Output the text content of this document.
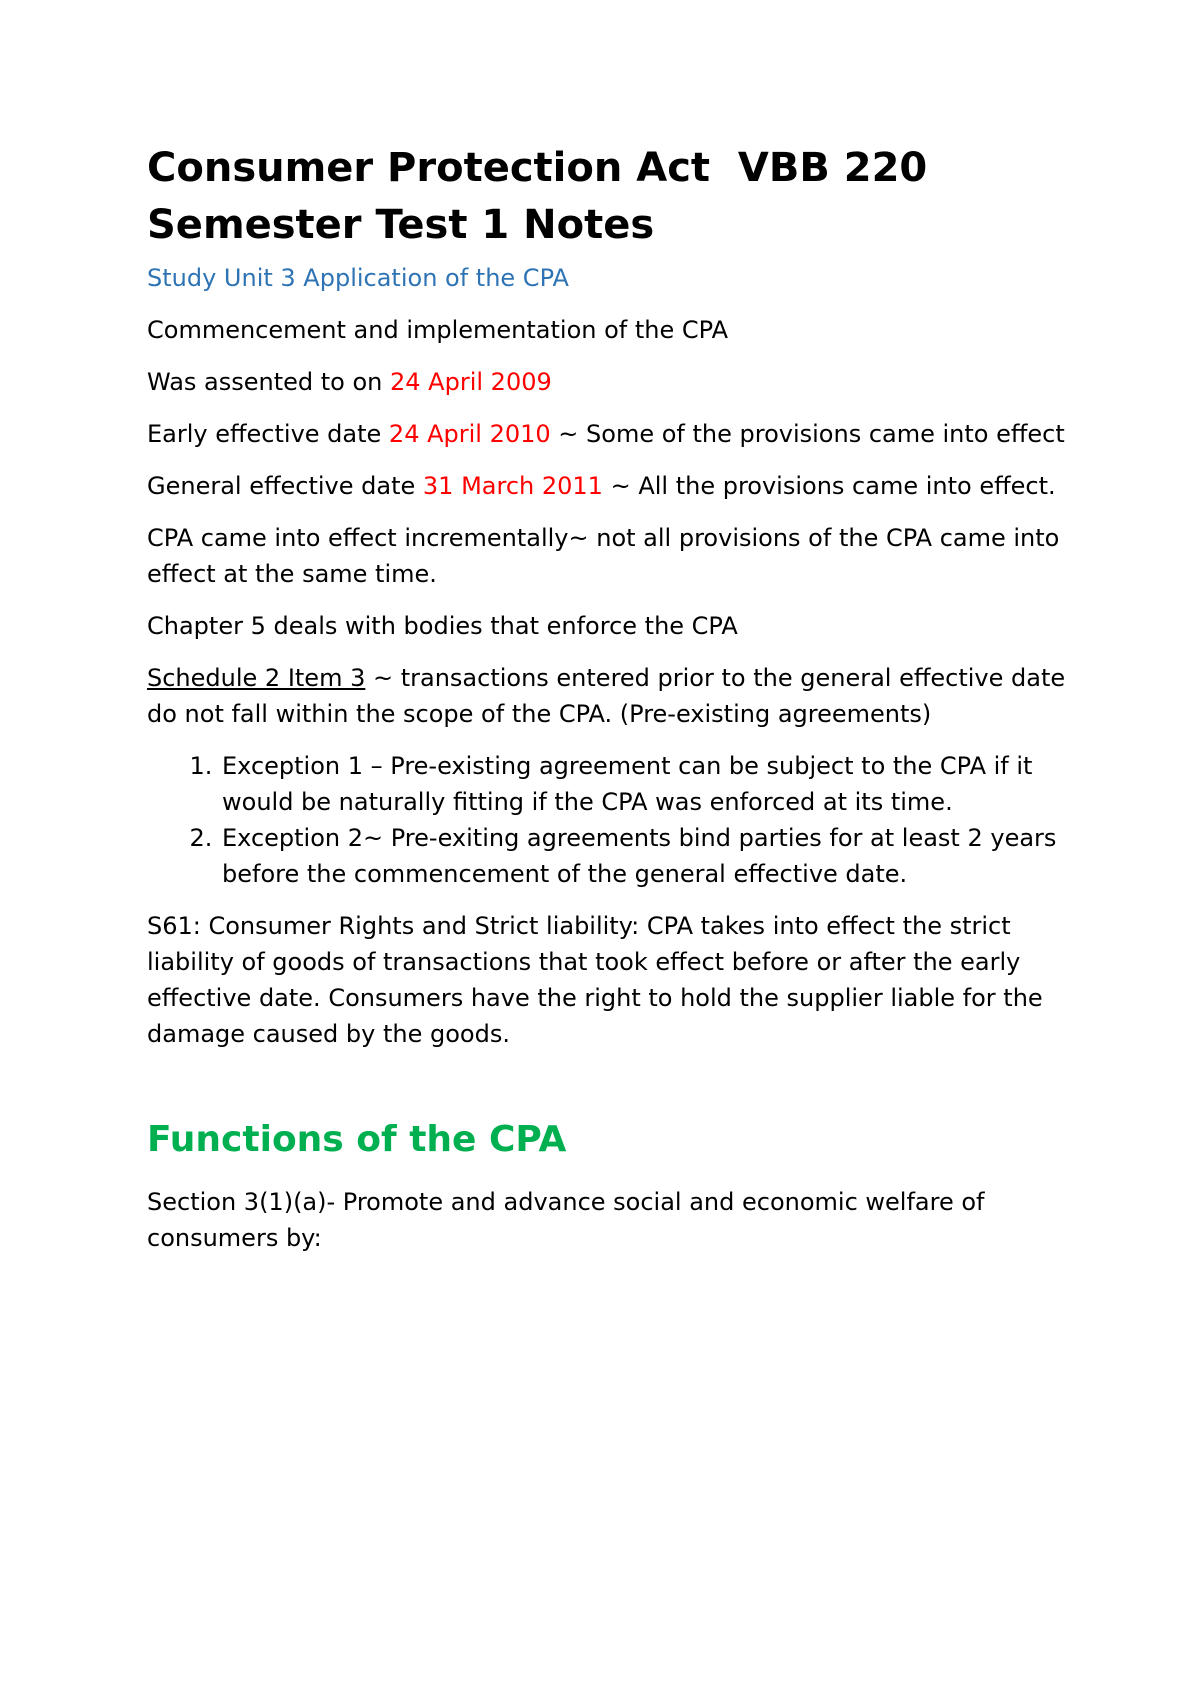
Consumer Protection Act  VBB 220
Semester Test 1 Notes

Study Unit 3 Application of the CPA

Commencement and implementation of the CPA

Was assented to on 24 April 2009

Early effective date 24 April 2010 ~ Some of the provisions came into effect

General effective date 31 March 2011 ~ All the provisions came into effect.

CPA came into effect incrementally~ not all provisions of the CPA came into effect at the same time.

Chapter 5 deals with bodies that enforce the CPA

Schedule 2 Item 3 ~ transactions entered prior to the general effective date do not fall within the scope of the CPA. (Pre-existing agreements)

1. Exception 1 – Pre-existing agreement can be subject to the CPA if it would be naturally fitting if the CPA was enforced at its time.
2. Exception 2~ Pre-exiting agreements bind parties for at least 2 years before the commencement of the general effective date.

S61: Consumer Rights and Strict liability: CPA takes into effect the strict liability of goods of transactions that took effect before or after the early effective date. Consumers have the right to hold the supplier liable for the damage caused by the goods.

Functions of the CPA

Section 3(1)(a)- Promote and advance social and economic welfare of consumers by:
